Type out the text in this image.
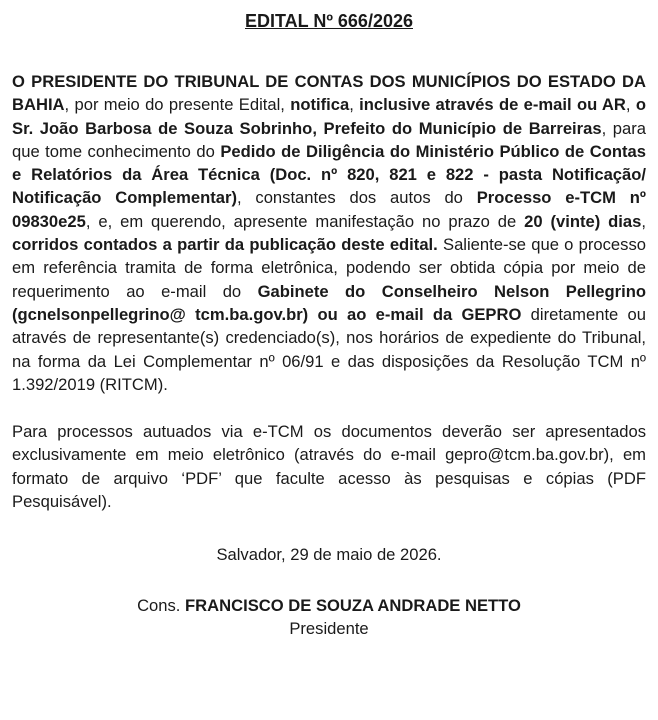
EDITAL Nº 666/2026

O PRESIDENTE DO TRIBUNAL DE CONTAS DOS MUNICÍPIOS DO ESTADO DA BAHIA, por meio do presente Edital, notifica, inclusive através de e-mail ou AR, o Sr. João Barbosa de Souza Sobrinho, Prefeito do Município de Barreiras, para que tome conhecimento do Pedido de Diligência do Ministério Público de Contas e Relatórios da Área Técnica (Doc. nº 820, 821 e 822 - pasta Notificação/ Notificação Complementar), constantes dos autos do Processo e-TCM nº 09830e25, e, em querendo, apresente manifestação no prazo de 20 (vinte) dias, corridos contados a partir da publicação deste edital. Saliente-se que o processo em referência tramita de forma eletrônica, podendo ser obtida cópia por meio de requerimento ao e-mail do Gabinete do Conselheiro Nelson Pellegrino (gcnelsonpellegrino@ tcm.ba.gov.br) ou ao e-mail da GEPRO diretamente ou através de representante(s) credenciado(s), nos horários de expediente do Tribunal, na forma da Lei Complementar nº 06/91 e das disposições da Resolução TCM nº 1.392/2019 (RITCM).

Para processos autuados via e-TCM os documentos deverão ser apresentados exclusivamente em meio eletrônico (através do e-mail gepro@tcm.ba.gov.br), em formato de arquivo ‘PDF’ que faculte acesso às pesquisas e cópias (PDF Pesquisável).

Salvador, 29 de maio de 2026.
Cons. FRANCISCO DE SOUZA ANDRADE NETTO
Presidente
